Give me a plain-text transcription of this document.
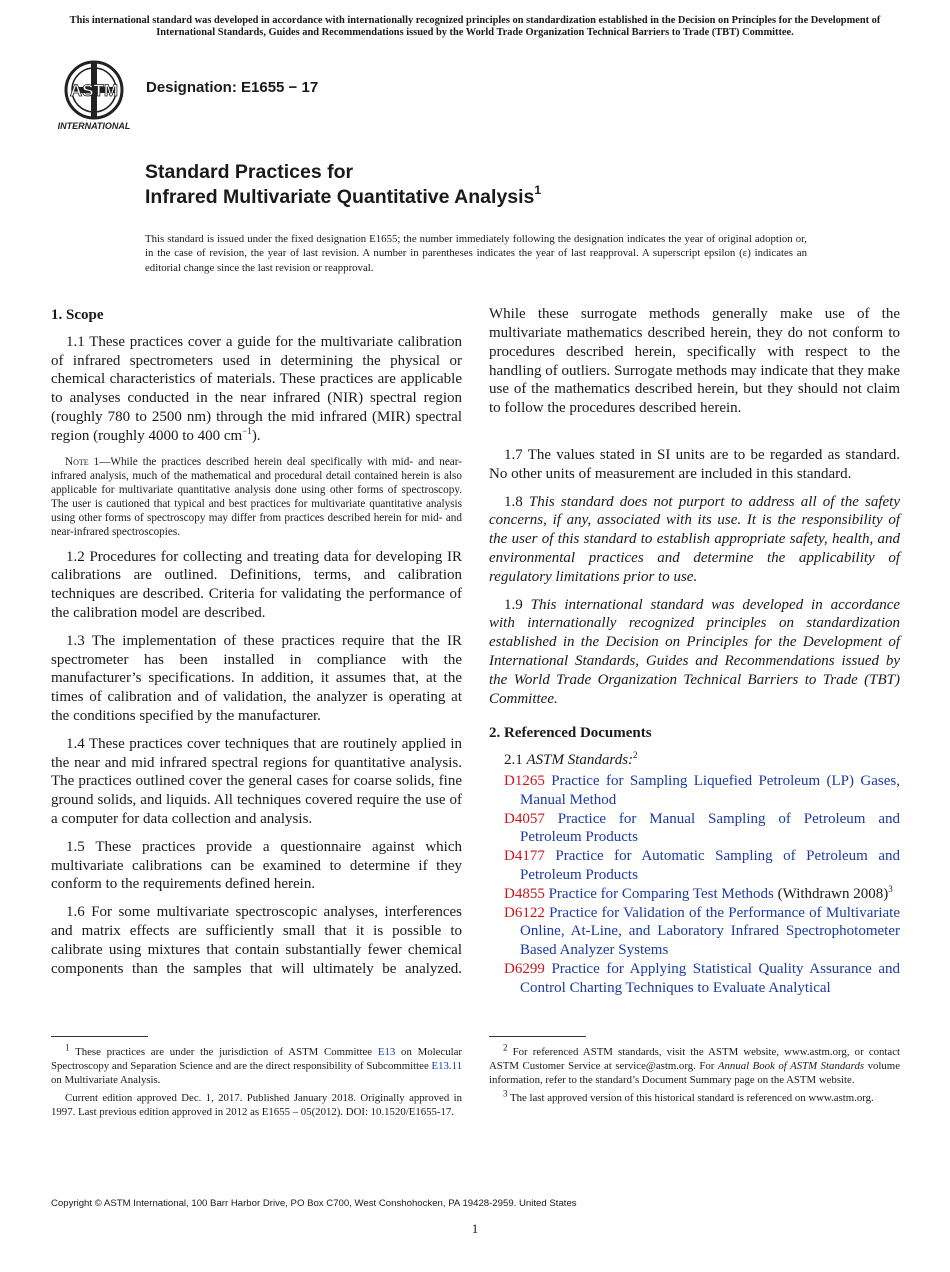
This international standard was developed in accordance with internationally recognized principles on standardization established in the Decision on Principles for the Development of International Standards, Guides and Recommendations issued by the World Trade Organization Technical Barriers to Trade (TBT) Committee.
ASTM
INTERNATIONAL
Designation: E1655 − 17
Standard Practices for
Infrared Multivariate Quantitative Analysis$^1$
This standard is issued under the fixed designation E1655; the number immediately following the designation indicates the year of original adoption or, in the case of revision, the year of last revision. A number in parentheses indicates the year of last reapproval. A superscript epsilon (ε) indicates an editorial change since the last revision or reapproval.
1. Scope

1.1 These practices cover a guide for the multivariate calibration of infrared spectrometers used in determining the physical or chemical characteristics of materials. These practices are applicable to analyses conducted in the near infrared (NIR) spectral region (roughly 780 to 2500 nm) through the mid infrared (MIR) spectral region (roughly 4000 to 400 $cm^{-1}$).

Note 1—While the practices described herein deal specifically with mid- and near-infrared analysis, much of the mathematical and procedural detail contained herein is also applicable for multivariate quantitative analysis done using other forms of spectroscopy. The user is cautioned that typical and best practices for multivariate quantitative analysis using other forms of spectroscopy may differ from practices described herein for mid- and near-infrared spectroscopies.

1.2 Procedures for collecting and treating data for developing IR calibrations are outlined. Definitions, terms, and calibration techniques are described. Criteria for validating the performance of the calibration model are described.

1.3 The implementation of these practices require that the IR spectrometer has been installed in compliance with the manufacturer’s specifications. In addition, it assumes that, at the times of calibration and of validation, the analyzer is operating at the conditions specified by the manufacturer.

1.4 These practices cover techniques that are routinely applied in the near and mid infrared spectral regions for quantitative analysis. The practices outlined cover the general cases for coarse solids, fine ground solids, and liquids. All techniques covered require the use of a computer for data collection and analysis.

1.5 These practices provide a questionnaire against which multivariate calibrations can be examined to determine if they conform to the requirements defined herein.

1.6 For some multivariate spectroscopic analyses, interferences and matrix effects are sufficiently small that it is possible to calibrate using mixtures that contain substantially fewer chemical components than the samples that will ultimately be analyzed.

While these surrogate methods generally make use of the multivariate mathematics described herein, they do not conform to procedures described herein, specifically with respect to the handling of outliers. Surrogate methods may indicate that they make use of the mathematics described herein, but they should not claim to follow the procedures described herein.

1.7 The values stated in SI units are to be regarded as standard. No other units of measurement are included in this standard.

1.8 This standard does not purport to address all of the safety concerns, if any, associated with its use. It is the responsibility of the user of this standard to establish appropriate safety, health, and environmental practices and determine the applicability of regulatory limitations prior to use.

1.9 This international standard was developed in accordance with internationally recognized principles on standardization established in the Decision on Principles for the Development of International Standards, Guides and Recommendations issued by the World Trade Organization Technical Barriers to Trade (TBT) Committee.

2. Referenced Documents

2.1 ASTM Standards:$^2$

D1265 Practice for Sampling Liquefied Petroleum (LP) Gases, Manual Method
D4057 Practice for Manual Sampling of Petroleum and Petroleum Products
D4177 Practice for Automatic Sampling of Petroleum and Petroleum Products
D4855 Practice for Comparing Test Methods (Withdrawn 2008)$^3$
D6122 Practice for Validation of the Performance of Multivariate Online, At-Line, and Laboratory Infrared Spectrophotometer Based Analyzer Systems
D6299 Practice for Applying Statistical Quality Assurance and Control Charting Techniques to Evaluate Analytical

$^1$ These practices are under the jurisdiction of ASTM Committee E13 on Molecular Spectroscopy and Separation Science and are the direct responsibility of Subcommittee E13.11 on Multivariate Analysis.

Current edition approved Dec. 1, 2017. Published January 2018. Originally approved in 1997. Last previous edition approved in 2012 as E1655 – 05(2012). DOI: 10.1520/E1655-17.

$^2$ For referenced ASTM standards, visit the ASTM website, www.astm.org, or contact ASTM Customer Service at service@astm.org. For Annual Book of ASTM Standards volume information, refer to the standard’s Document Summary page on the ASTM website.

$^3$ The last approved version of this historical standard is referenced on www.astm.org.

Copyright © ASTM International, 100 Barr Harbor Drive, PO Box C700, West Conshohocken, PA 19428-2959. United States
1
